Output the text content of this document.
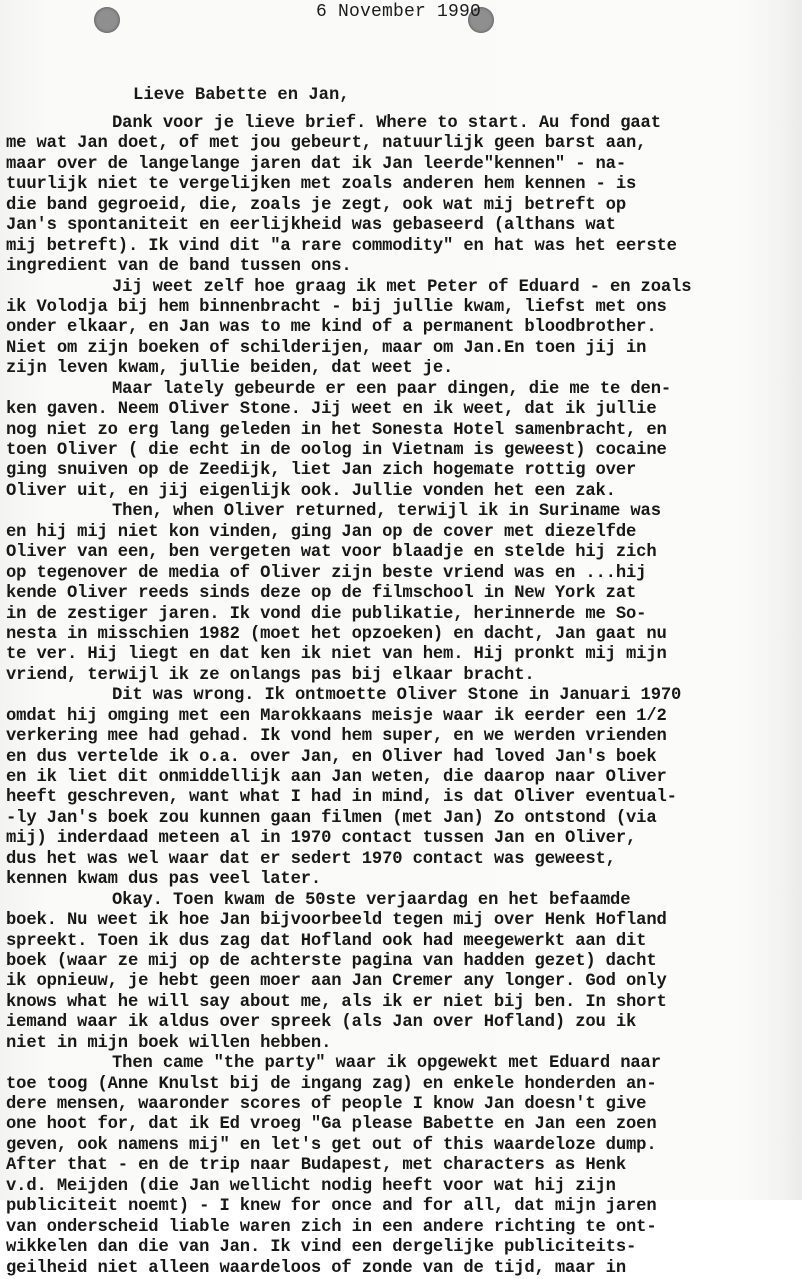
6 November 1990
Lieve Babette en Jan,
Dank voor je lieve brief. Where to start. Au fond gaat
me wat Jan doet, of met jou gebeurt, natuurlijk geen barst aan,
maar over de langelange jaren dat ik Jan leerde"kennen" - na-
tuurlijk niet te vergelijken met zoals anderen hem kennen - is
die band gegroeid, die, zoals je zegt, ook wat mij betreft op
Jan's spontaniteit en eerlijkheid was gebaseerd (althans wat
mij betreft). Ik vind dit "a rare commodity" en hat was het eerste
ingredient van de band tussen ons.
Jij weet zelf hoe graag ik met Peter of Eduard - en zoals
ik Volodja bij hem binnenbracht - bij jullie kwam, liefst met ons
onder elkaar, en Jan was to me kind of a permanent bloodbrother.
Niet om zijn boeken of schilderijen, maar om Jan.En toen jij in
zijn leven kwam, jullie beiden, dat weet je.
Maar lately gebeurde er een paar dingen, die me te den-
ken gaven. Neem Oliver Stone. Jij weet en ik weet, dat ik jullie
nog niet zo erg lang geleden in het Sonesta Hotel samenbracht, en
toen Oliver ( die echt in de oolog in Vietnam is geweest) cocaine
ging snuiven op de Zeedijk, liet Jan zich hogemate rottig over
Oliver uit, en jij eigenlijk ook. Jullie vonden het een zak.
Then, when Oliver returned, terwijl ik in Suriname was
en hij mij niet kon vinden, ging Jan op de cover met diezelfde
Oliver van een, ben vergeten wat voor blaadje en stelde hij zich
op tegenover de media of Oliver zijn beste vriend was en ...hij
kende Oliver reeds sinds deze op de filmschool in New York zat
in de zestiger jaren. Ik vond die publikatie, herinnerde me So-
nesta in misschien 1982 (moet het opzoeken) en dacht, Jan gaat nu
te ver. Hij liegt en dat ken ik niet van hem. Hij pronkt mij mijn
vriend, terwijl ik ze onlangs pas bij elkaar bracht.
Dit was wrong. Ik ontmoette Oliver Stone in Januari 1970
omdat hij omging met een Marokkaans meisje waar ik eerder een 1/2
verkering mee had gehad. Ik vond hem super, en we werden vrienden
en dus vertelde ik o.a. over Jan, en Oliver had loved Jan's boek
en ik liet dit onmiddellijk aan Jan weten, die daarop naar Oliver
heeft geschreven, want what I had in mind, is dat Oliver eventual-
-ly Jan's boek zou kunnen gaan filmen (met Jan) Zo ontstond (via
mij) inderdaad meteen al in 1970 contact tussen Jan en Oliver,
dus het was wel waar dat er sedert 1970 contact was geweest,
kennen kwam dus pas veel later.
Okay. Toen kwam de 50ste verjaardag en het befaamde
boek. Nu weet ik hoe Jan bijvoorbeeld tegen mij over Henk Hofland
spreekt. Toen ik dus zag dat Hofland ook had meegewerkt aan dit
boek (waar ze mij op de achterste pagina van hadden gezet) dacht
ik opnieuw, je hebt geen moer aan Jan Cremer any longer. God only
knows what he will say about me, als ik er niet bij ben. In short
iemand waar ik aldus over spreek (als Jan over Hofland) zou ik
niet in mijn boek willen hebben.
Then came "the party" waar ik opgewekt met Eduard naar
toe toog (Anne Knulst bij de ingang zag) en enkele honderden an-
dere mensen, waaronder scores of people I know Jan doesn't give
one hoot for, dat ik Ed vroeg "Ga please Babette en Jan een zoen
geven, ook namens mij" en let's get out of this waardeloze dump.
After that - en de trip naar Budapest, met characters as Henk
v.d. Meijden (die Jan wellicht nodig heeft voor wat hij zijn
publiciteit noemt) - I knew for once and for all, dat mijn jaren
van onderscheid liable waren zich in een andere richting te ont-
wikkelen dan die van Jan. Ik vind een dergelijke publiciteits-
geilheid niet alleen waardeloos of zonde van de tijd, maar in
